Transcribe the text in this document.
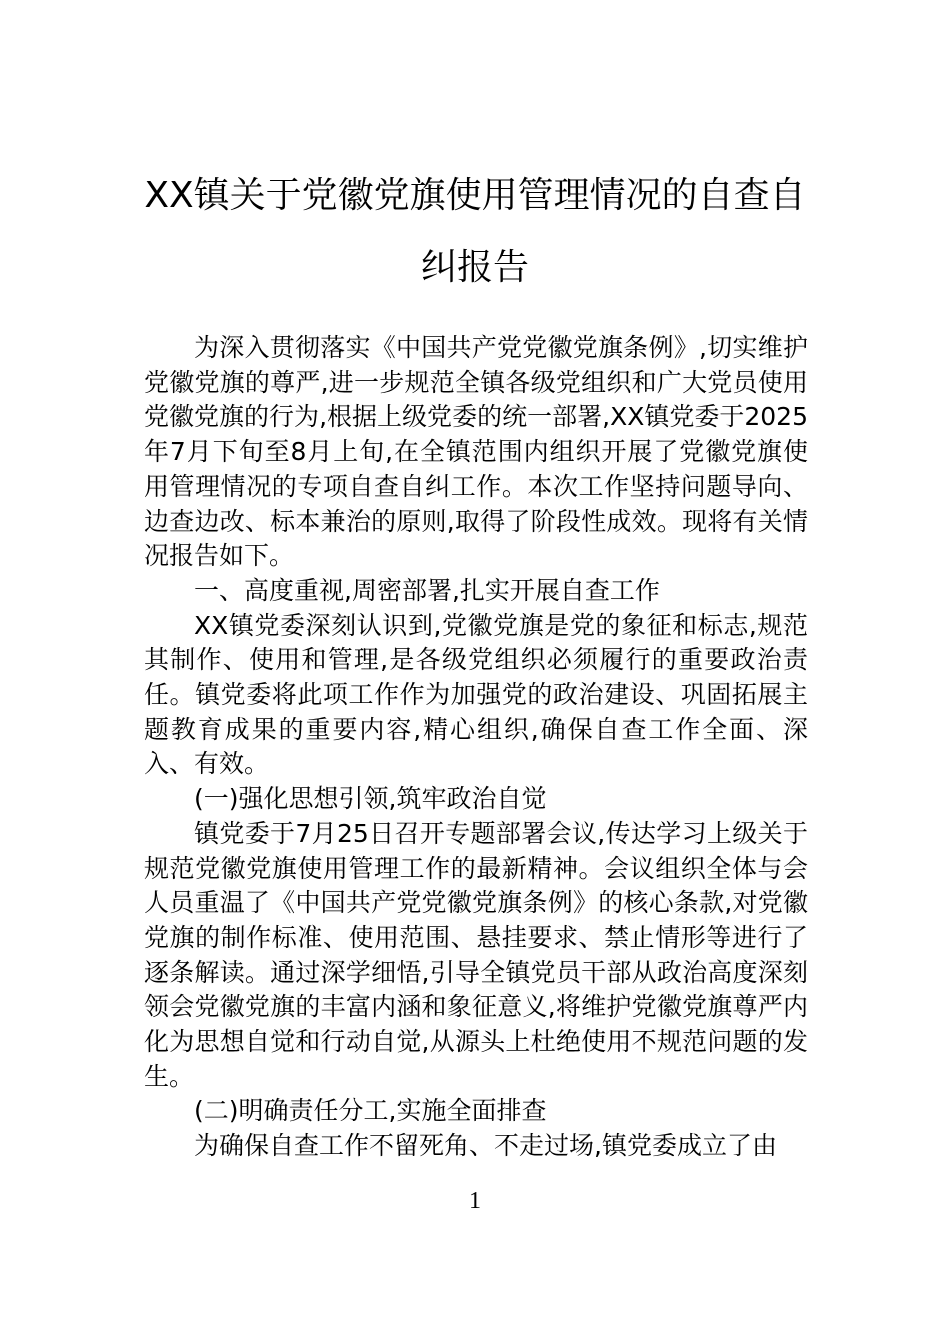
XX镇关于党徽党旗使用管理情况的自查自纠报告

为深入贯彻落实《中国共产党党徽党旗条例》,切实维护党徽党旗的尊严,进一步规范全镇各级党组织和广大党员使用党徽党旗的行为,根据上级党委的统一部署,XX镇党委于2025年7月下旬至8月上旬,在全镇范围内组织开展了党徽党旗使用管理情况的专项自查自纠工作。本次工作坚持问题导向、边查边改、标本兼治的原则,取得了阶段性成效。现将有关情况报告如下。

一、高度重视,周密部署,扎实开展自查工作

XX镇党委深刻认识到,党徽党旗是党的象征和标志,规范其制作、使用和管理,是各级党组织必须履行的重要政治责任。镇党委将此项工作作为加强党的政治建设、巩固拓展主题教育成果的重要内容,精心组织,确保自查工作全面、深入、有效。

(一)强化思想引领,筑牢政治自觉

镇党委于7月25日召开专题部署会议,传达学习上级关于规范党徽党旗使用管理工作的最新精神。会议组织全体与会人员重温了《中国共产党党徽党旗条例》的核心条款,对党徽党旗的制作标准、使用范围、悬挂要求、禁止情形等进行了逐条解读。通过深学细悟,引导全镇党员干部从政治高度深刻领会党徽党旗的丰富内涵和象征意义,将维护党徽党旗尊严内化为思想自觉和行动自觉,从源头上杜绝使用不规范问题的发生。

(二)明确责任分工,实施全面排查

为确保自查工作不留死角、不走过场,镇党委成立了由

1
